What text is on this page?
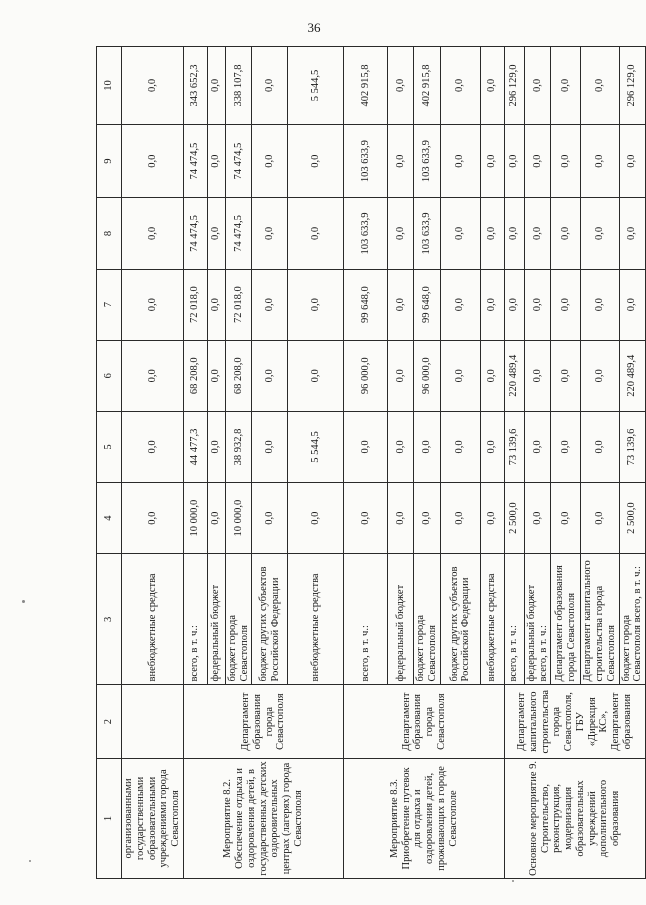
36
1	2	3	4	5	6	7	8	9	10
организованными государственными образовательными учреждениями города Севастополя		внебюджетные средства	0,0	0,0	0,0	0,0	0,0	0,0	0,0
Мероприятие 8.2. Обеспечение отдыха и оздоровления детей, в государственных детских оздоровительных центрах (лагерях) города Севастополя	Департамент образования города Севастополя	всего, в т. ч.:	10 000,0	44 477,3	68 208,0	72 018,0	74 474,5	74 474,5	343 652,3
		федеральный бюджет	0,0	0,0	0,0	0,0	0,0	0,0	0,0
		бюджет города Севастополя	10 000,0	38 932,8	68 208,0	72 018,0	74 474,5	74 474,5	338 107,8
		бюджет других субъектов Российской Федерации	0,0	0,0	0,0	0,0	0,0	0,0	0,0
		внебюджетные средства	0,0	5 544,5	0,0	0,0	0,0	0,0	5 544,5
Мероприятие 8.3. Приобретение путевок для отдыха и оздоровления детей, проживающих в городе Севастополе	Департамент образования города Севастополя	всего, в т. ч.:	0,0	0,0	96 000,0	99 648,0	103 633,9	103 633,9	402 915,8
		федеральный бюджет	0,0	0,0	0,0	0,0	0,0	0,0	0,0
		бюджет города Севастополя	0,0	0,0	96 000,0	99 648,0	103 633,9	103 633,9	402 915,8
		бюджет других субъектов Российской Федерации	0,0	0,0	0,0	0,0	0,0	0,0	0,0
		внебюджетные средства	0,0	0,0	0,0	0,0	0,0	0,0	0,0
Основное мероприятие 9. Строительство, реконструкция, модернизация образовательных учреждений дополнительного образования	Департамент капитального строительства города Севастополя, ГБУ «Дирекция КС», Департамент образования	всего, в т. ч.:	2 500,0	73 139,6	220 489,4	0,0	0,0	0,0	296 129,0
		федеральный бюджет всего, в т. ч.:	0,0	0,0	0,0	0,0	0,0	0,0	0,0
		Департамент образования города Севастополя	0,0	0,0	0,0	0,0	0,0	0,0	0,0
		Департамент капитального строительства города Севастополя	0,0	0,0	0,0	0,0	0,0	0,0	0,0
		бюджет города Севастополя всего, в т. ч.:	2 500,0	73 139,6	220 489,4	0,0	0,0	0,0	296 129,0
